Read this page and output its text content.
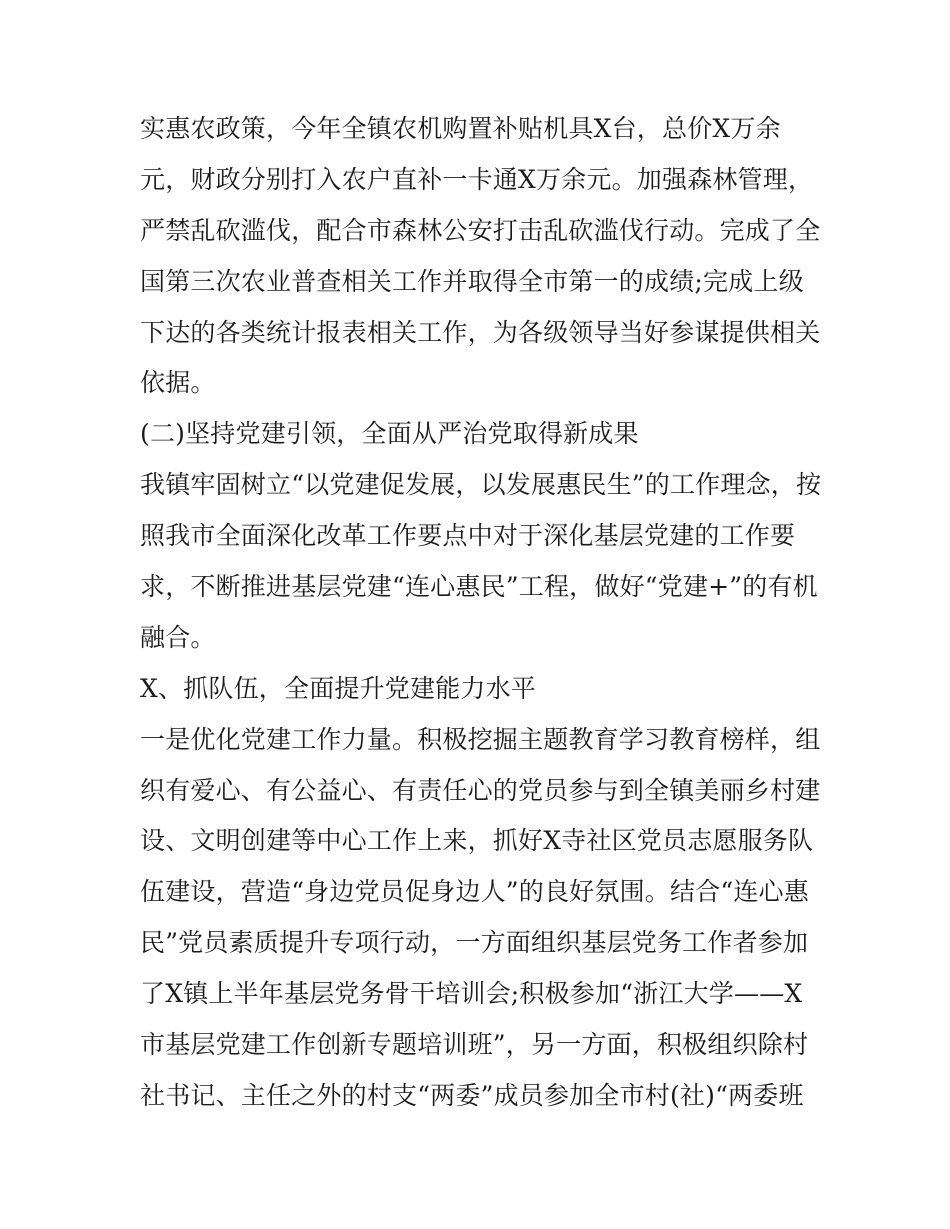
实惠农政策，今年全镇农机购置补贴机具X台，总价X万余
元，财政分别打入农户直补一卡通X万余元。加强森林管理，
严禁乱砍滥伐，配合市森林公安打击乱砍滥伐行动。完成了全
国第三次农业普查相关工作并取得全市第一的成绩;完成上级
下达的各类统计报表相关工作，为各级领导当好参谋提供相关
依据。
(二)坚持党建引领，全面从严治党取得新成果
我镇牢固树立“以党建促发展，以发展惠民生”的工作理念，按
照我市全面深化改革工作要点中对于深化基层党建的工作要
求，不断推进基层党建“连心惠民”工程，做好“党建+”的有机
融合。
X、抓队伍，全面提升党建能力水平
一是优化党建工作力量。积极挖掘主题教育学习教育榜样，组
织有爱心、有公益心、有责任心的党员参与到全镇美丽乡村建
设、文明创建等中心工作上来，抓好X寺社区党员志愿服务队
伍建设，营造“身边党员促身边人”的良好氛围。结合“连心惠
民”党员素质提升专项行动，一方面组织基层党务工作者参加
了X镇上半年基层党务骨干培训会;积极参加“浙江大学——X
市基层党建工作创新专题培训班”，另一方面，积极组织除村
社书记、主任之外的村支“两委”成员参加全市村(社)“两委班
